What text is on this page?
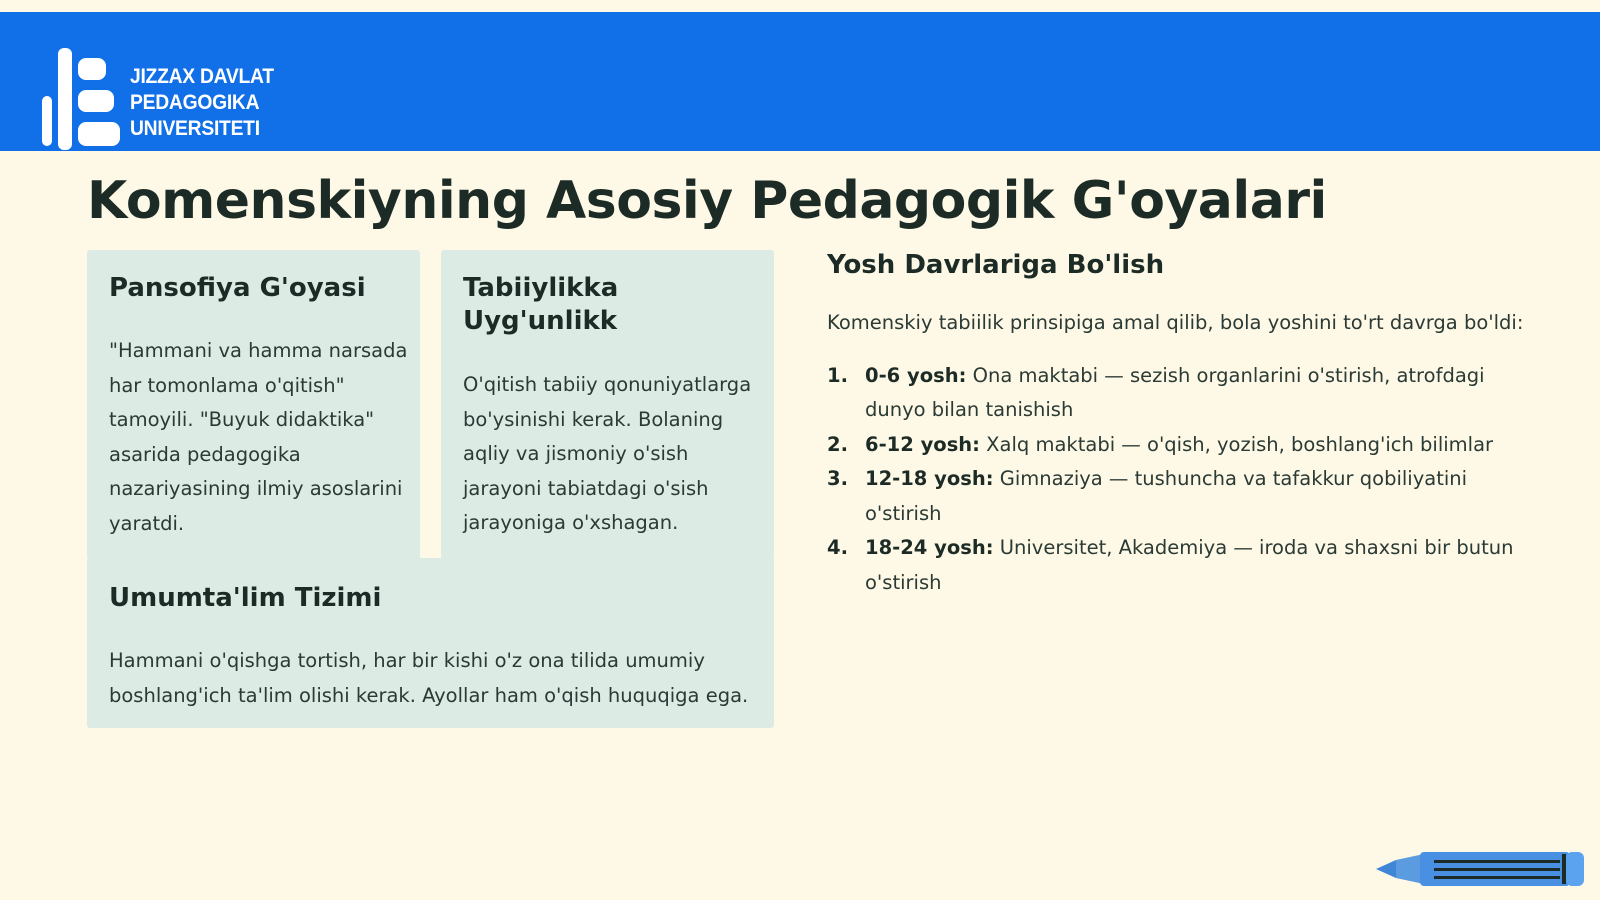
JIZZAX DAVLAT
PEDAGOGIKA
UNIVERSITETI
Komenskiyning Asosiy Pedagogik G'oyalari
Pansofiya G'oyasi
"Hammani va hamma narsada har tomonlama o'qitish" tamoyili. "Buyuk didaktika" asarida pedagogika nazariyasining ilmiy asoslarini yaratdi.
Tabiiylikka Uyg'unlikk
O'qitish tabiiy qonuniyatlarga bo'ysinishi kerak. Bolaning aqliy va jismoniy o'sish jarayoni tabiatdagi o'sish jarayoniga o'xshagan.
Umumta'lim Tizimi
Hammani o'qishga tortish, har bir kishi o'z ona tilida umumiy boshlang'ich ta'lim olishi kerak. Ayollar ham o'qish huquqiga ega.
Yosh Davrlariga Bo'lish

Komenskiy tabiilik prinsipiga amal qilib, bola yoshini to'rt davrga bo'ldi:

1. 0-6 yosh: Ona maktabi — sezish organlarini o'stirish, atrofdagi dunyo bilan tanishish
2. 6-12 yosh: Xalq maktabi — o'qish, yozish, boshlang'ich bilimlar
3. 12-18 yosh: Gimnaziya — tushuncha va tafakkur qobiliyatini o'stirish
4. 18-24 yosh: Universitet, Akademiya — iroda va shaxsni bir butun o'stirish
